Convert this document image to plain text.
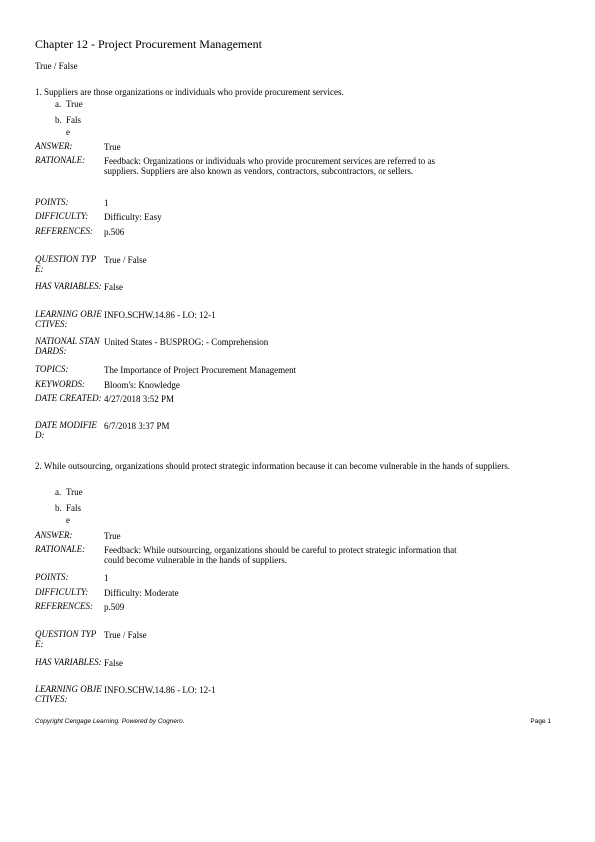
Chapter 12 - Project Procurement Management
True / False
1. Suppliers are those organizations or individuals who provide procurement services.
a. True
b. Fals
e
ANSWER:	True
RATIONALE:	Feedback: Organizations or individuals who provide procurement services are referred to as suppliers. Suppliers are also known as vendors, contractors, subcontractors, or sellers.
POINTS:	1
DIFFICULTY:	Difficulty: Easy
REFERENCES:	p.506
QUESTION TYPE:
True / False
HAS VARIABLES: False
LEARNING OBJECTIVES:
INFO.SCHW.14.86 - LO: 12-1
NATIONAL STANDARDS:
United States - BUSPROG: - Comprehension
TOPICS:	The Importance of Project Procurement Management
KEYWORDS:	Bloom's: Knowledge
DATE CREATED: 4/27/2018 3:52 PM
DATE MODIFIED:
6/7/2018 3:37 PM
2. While outsourcing, organizations should protect strategic information because it can become vulnerable in the hands of suppliers.
a. True
b. Fals
e
ANSWER:	True
RATIONALE:	Feedback: While outsourcing, organizations should be careful to protect strategic information that could become vulnerable in the hands of suppliers.
POINTS:	1
DIFFICULTY:	Difficulty: Moderate
REFERENCES:	p.509
QUESTION TYPE:
True / False
HAS VARIABLES: False
LEARNING OBJECTIVES:
INFO.SCHW.14.86 - LO: 12-1
Copyright Cengage Learning. Powered by Cognero.	Page 1
